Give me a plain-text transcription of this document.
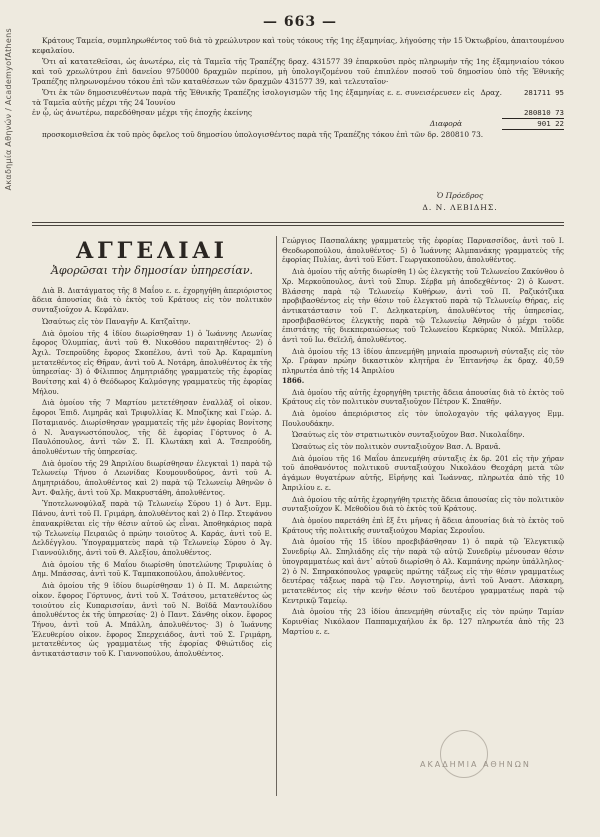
Ακαδημία Αθηνών / AcademyofAthens
— 663 —

Κράτους Ταμεία, συμπληρωθέντος τοῦ διὰ τὸ χρεώλυτρον καὶ τοὺς τόκους τῆς 1ης ἑξαμηνίας, λήγούσης τὴν 15 Ὀκτωβρίου, ἀπαιτουμένου κεφαλαίου.

Ὅτι αἱ κατατεθεῖσαι, ὡς ἀνωτέρω, εἰς τὰ Ταμεῖα τῆς Τραπέζης δραχ. 431577 39 ἐπαρκοῦσι πρὸς πληρωμὴν τῆς 1ης ἑξαμηνιαίου τόκου καὶ τοῦ χρεωλύτρου ἐπὶ δανείου 9750000 δραχμῶν περίπου, μὴ ὑπολογιζομένου τοῦ ἐπιπλέον ποσοῦ τοῦ δημοσίου ὑπὸ τῆς Ἐθνικῆς Τραπέζης πληρωνομένου τόκου ἐπὶ τῶν καταθέσεων τῶν δραχμῶν 431577 39, καὶ τελευταῖον·

Ὅτι ἐκ τῶν δημοσιευθέντων παρὰ τῆς Ἐθνικῆς Τραπέζης ἰσολογισμῶν τῆς 1ης ἑξαμηνίας ε. ε. συνεισέρευσεν εἰς τὰ Ταμεῖα αὐτῆς μέχρι τῆς 24 Ἰουνίου
Δραχ.	281711 95
ἐν ᾧ, ὡς ἀνωτέρω, παρεδόθησαν μέχρι τῆς ἐποχῆς ἐκείνης	280810 73
Διαφορὰ	901 22

προσκομισθεῖσα ἐκ τοῦ πρὸς ὄφελος τοῦ δημοσίου ὑπολογισθέντος παρὰ τῆς Τραπέζης τόκου ἐπὶ τῶν δρ. 280810 73.

Ὁ Πρόεδρος
Δ. Ν. ΛΕΒΙΔΗΣ.
ΑΓΓΕΛΙΑΙ
Ἀφορῶσαι τὴν δημοσίαν ὑπηρεσίαν.

Διὰ Β. Διατάγματος τῆς 8 Μαΐου ε. ε. ἐχορηγήθη ἀπεριόριστος ἄδεια ἀπουσίας διὰ τὸ ἐκτὸς τοῦ Κράτους εἰς τὸν πολιτικὸν συνταξιοῦχον Α. Κεφάλαν.

Ὡσαύτως εἰς τὸν Παναγῆν Α. Κατζαῖτην.

Διὰ ὁμοίου τῆς 4 ἰδίου διωρίσθησαν 1) ὁ Ἰωάννης Λεωνίας ἔφορος Ὀλυμπίας, ἀντὶ τοῦ Θ. Νικοθόου παραιτηθέντος· 2) ὁ Ἀχιλ. Τσεπροῦδης ἔφορος Σκοπέλου, ἀντὶ τοῦ Ἀρ. Καραμπίνη μετατεθέντος εἰς Θῆραν, ἀντὶ τοῦ Α. Νοτάρη, ἀπολυθέντος ἐκ τῆς ὑπηρεσίας· 3) ὁ Φίλιππος Δημητριάδης γραμματεὺς τῆς ἐφορίας Βονίτσης καὶ 4) ὁ Θεόδωρος Καλμόσγης γραμματεὺς τῆς ἐφορίας Μήλου.

Διὰ ὁμοίου τῆς 7 Μαρτίου μετετέθησαν ἐναλλὰξ οἱ οἰκον. ἔφοροι Ἐπιδ. Λιμηρᾶς καὶ Τριφυλλίας Κ. Μποζίκης καὶ Γεώρ. Δ. Ποταμιανός. Διωρίσθησαν γραμματεῖς τῆς μὲν ἐφορίας Βονίτσης ὁ Ν. Ἀναγνωστόπουλος, τῆς δὲ ἐφορίας Γόρτυνος ὁ Α. Παυλόπουλος, ἀντὶ τῶν Σ. Π. Κλωτάκη καὶ Α. Τσεπρούδη, ἀπολυθέντων τῆς ὑπηρεσίας.

Διὰ ὁμοίου τῆς 29 Ἀπριλίου διωρίσθησαν ἐλεγκταὶ 1) παρὰ τῷ Τελωνείῳ Τήνου ὁ Λεωνίδας Κουμουνδούρος, ἀντὶ τοῦ Α. Δημητριάδου, ἀπολυθέντος καὶ 2) παρὰ τῷ Τελωνείῳ Ἀθηνῶν ὁ Ἀντ. Φαλῆς, ἀντὶ τοῦ Χρ. Μακρυστάθη, ἀπολυθέντος.

Ὑποτελωνοφύλαξ παρὰ τῷ Τελωνείῳ Σύρου 1) ὁ Ἀντ. Εμμ. Πάνου, ἀντὶ τοῦ Π. Γριμάρη, ἀπολυθέντος καὶ 2) ὁ Περ. Στεφάνου ἐπανακρίθεται εἰς τὴν θέσιν αὐτοῦ ὡς εἶναι. Ἀποθηκάριος παρὰ τῷ Τελωνείῳ Πειραιῶς ὁ πρώην τοιοῦτος Α. Καράς, ἀντὶ τοῦ Ε. Δελδέγγλου. Ὑπογραμματεὺς παρὰ τῷ Τελωνείῳ Σύρου ὁ Ἀγ. Γιαννούλιδης, ἀντὶ τοῦ Θ. Αλεξίου, ἀπολυθέντος.

Διὰ ὁμοίου τῆς 6 Μαΐου διωρίσθη ὑποτελώνης Τριφυλίας ὁ Δημ. Μπάσσας, ἀντὶ τοῦ Κ. Ταμπακοπούλου, ἀπολυθέντος.

Διὰ ὁμοίου τῆς 9 ἰδίου διωρίσθησαν 1) ὁ Π. Μ. Δαρειώτης οἰκον. ἔφορος Γόρτυνος, ἀντὶ τοῦ Χ. Τσάτσου, μετατεθέντος ὡς τοιούτου εἰς Κυπαρισσίαν, ἀντὶ τοῦ Ν. Βοϊδᾶ Μαντουλίδου ἀπολυθέντος ἐκ τῆς ὑπηρεσίας· 2) ὁ Παντ. Σάνθης οἰκον. ἔφορος Τήνου, ἀντὶ τοῦ Α. Μπάλλη, ἀπολυθέντος· 3) ὁ Ἰωάννης Ἐλευθερίου οἰκον. ἔφορος Σπερχειάδος, ἀντὶ τοῦ Σ. Γριμάρη, μετατεθέντος ὡς γραμματέως τῆς ἐφορίας Φθιώτιδος εἰς ἀντικατάστασιν τοῦ Κ. Γιαννοπούλου, ἀπολυθέντος.

Γεώργιος Πασπαλάκης γραμματεὺς τῆς ἐφορίας Παρνασσίδος, ἀντὶ τοῦ Ι. Θεοδωροπούλου, ἀπολυθέντος· 5) ὁ Ἰωάννης Αλμπανάκης γραμματεὺς τῆς ἐφορίας Πυλίας, ἀντὶ τοῦ Εὐστ. Γεωργακοπούλου, ἀπολυθέντος.

Διὰ ὁμοίου τῆς αὐτῆς διωρίσθη 1) ὡς ἐλεγκτὴς τοῦ Τελωνείου Ζακύνθου ὁ Χρ. Μερκοῦπουλος, ἀντὶ τοῦ Σπυρ. Σέρβα μὴ ἀποδεχθέντος· 2) ὁ Κωνστ. Βλάσσης παρὰ τῷ Τελωνείῳ Κυθήρων, ἀντὶ τοῦ Π. Ραζικότζικα προβιβασθέντος εἰς τὴν θέσιν τοῦ ἐλεγκτοῦ παρὰ τῷ Τελωνείῳ Θήρας, εἰς ἀντικατάστασιν τοῦ Γ. Δεληκατερίνη, ἀπολυθέντος τῆς ὑπηρεσίας, προσβιβασθέντος ἐλεγκτὴς παρὰ τῷ Τελωνείῳ Ἀθηνῶν ὁ μέχρι τοῦδε ἐπιστάτης τῆς διεκπεραιώσεως τοῦ Τελωνείου Κερκύρας Νικόλ. Μπίλλερ, ἀντὶ τοῦ Ιω. Θεϊελῆ, ἀπολυθέντος.

Διὰ ὁμοίου τῆς 13 ἰδίου ἀπενεμήθη μηνιαία προσωρινὴ σύνταξις εἰς τὸν Χρ. Γράφαν πρώην δικαστικὸν κλητῆρα ἐν Ἐπτανήσῳ ἐκ δραχ. 40,59 πληρωτέα ἀπὸ τῆς 14 Ἀπριλίου

1866.

Διὰ ὁμοίου τῆς αὐτῆς ἐχορηγήθη τριετὴς ἄδεια ἀπουσίας διὰ τὸ ἐκτὸς τοῦ Κράτους εἰς τὸν πολιτικὸν συνταξιοῦχον Πέτρον Κ. Σπαθῆν.

Διὰ ὁμοίου ἀπεριόριστος εἰς τὸν ὑπολοχαγὸν τῆς φάλαγγος Εμμ. Πουλουδάκην.

Ὡσαύτως εἰς τὸν στρατιωτικὸν συνταξιοῦχον Βασ. Νικολαΐδην.

Ὡσαύτως εἰς τὸν πολιτικὸν συνταξιοῦχον Βασ. Λ. Βρανᾶ.

Διὰ ὁμοίου τῆς 16 Μαΐου ἀπενεμήθη σύνταξις ἐκ δρ. 201 εἰς τὴν χήραν τοῦ ἀποθανόντος πολιτικοῦ συνταξιούχου Νικολάου Θεοχάρη μετὰ τῶν ἀγάμων θυγατέρων αὐτῆς, Εἰρήνης καὶ Ἰωάννας, πληρωτέα ἀπὸ τῆς 10 Ἀπριλίου ε. ε.

Διὰ ὁμοίου τῆς αὐτῆς ἐχορηγήθη τριετὴς ἄδεια ἀπουσίας εἰς τὸν πολιτικὸν συνταξιοῦχον Κ. Μεθοδίου διὰ τὸ ἐκτὸς τοῦ Κράτους.

Διὰ ὁμοίου παρετάθη ἐπὶ ἓξ ἔτι μῆνας ἡ ἄδεια ἀπουσίας διὰ τὸ ἐκτὸς τοῦ Κράτους τῆς πολιτικῆς συνταξιούχου Μαρίας Σερουΐου.

Διὰ ὁμοίου τῆς 15 ἰδίου προεβιβάσθησαν 1) ὁ παρὰ τῷ Ἐλεγκτικῷ Συνεδρίῳ Αλ. Σπηλιάδης εἰς τὴν παρὰ τῷ αὐτῷ Συνεδρίῳ μένουσαν θέσιν ὑπογραμματέως καὶ ἀντ᾽ αὐτοῦ διωρίσθη ὁ Αλ. Καμπάνης πρώην ὑπάλληλος· 2) ὁ Ν. Σπηρακόπουλος γραφεὺς πρώτης τάξεως εἰς τὴν θέσιν γραμματέως δευτέρας τάξεως παρὰ τῷ Γεν. Λογιστηρίῳ, ἀντὶ τοῦ Ἀναστ. Λάσκαρη, μετατεθέντος εἰς τὴν κενὴν θέσιν τοῦ δευτέρου γραμματέως παρὰ τῷ Κεντρικῷ Ταμείῳ.

Διὰ ὁμοίου τῆς 23 ἰδίου ἀπενεμήθη σύνταξις εἰς τὸν πρώην Ταμίαν Κορινθίας Νικόλαον Παππαμιχαήλου ἐκ δρ. 127 πληρωτέα ἀπὸ τῆς 23 Μαρτίου ε. ε.

ΑΚΑΔΗΜΙΑ ΑΘΗΝΩΝ
